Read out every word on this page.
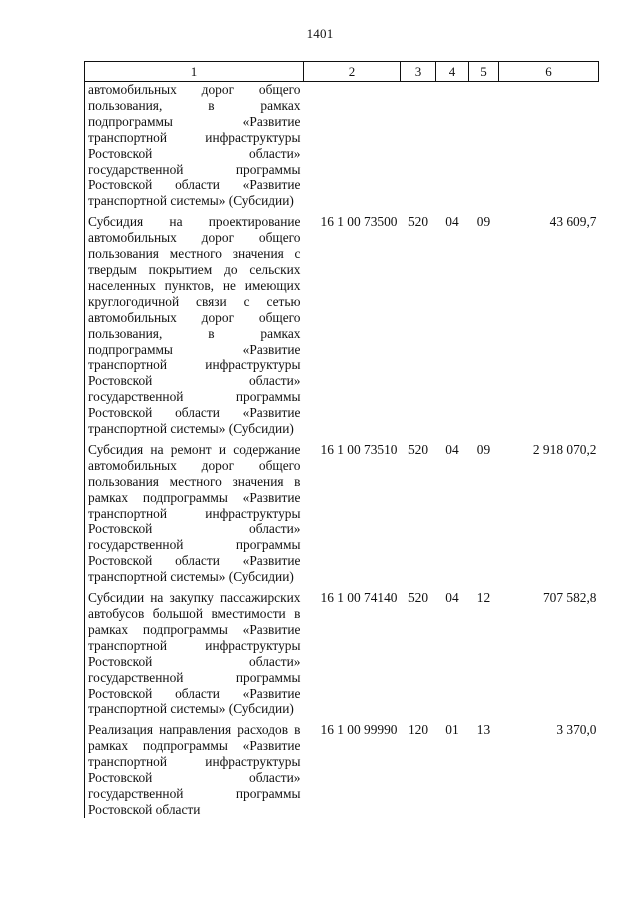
1401
1	2	3	4	5	6
автомобильных дорог общего пользования, в рамках подпрограммы «Развитие транспортной инфраструктуры Ростовской области» государственной программы Ростовской области «Развитие транспортной системы» (Субсидии)					
Субсидия на проектирование автомобильных дорог общего пользования местного значения с твердым покрытием до сельских населенных пунктов, не имеющих круглогодичной связи с сетью автомобильных дорог общего пользования, в рамках подпрограммы «Развитие транспортной инфраструктуры Ростовской области» государственной программы Ростовской области «Развитие транспортной системы» (Субсидии)	16 1 00 73500	520	04	09	43 609,7
Субсидия на ремонт и содержание автомобильных дорог общего пользования местного значения в рамках подпрограммы «Развитие транспортной инфраструктуры Ростовской области» государственной программы Ростовской области «Развитие транспортной системы» (Субсидии)	16 1 00 73510	520	04	09	2 918 070,2
Субсидии на закупку пассажирских автобусов большой вместимости в рамках подпрограммы «Развитие транспортной инфраструктуры Ростовской области» государственной программы Ростовской области «Развитие транспортной системы» (Субсидии)	16 1 00 74140	520	04	12	707 582,8
Реализация направления расходов в рамках подпрограммы «Развитие транспортной инфраструктуры Ростовской области» государственной программы Ростовской области	16 1 00 99990	120	01	13	3 370,0
